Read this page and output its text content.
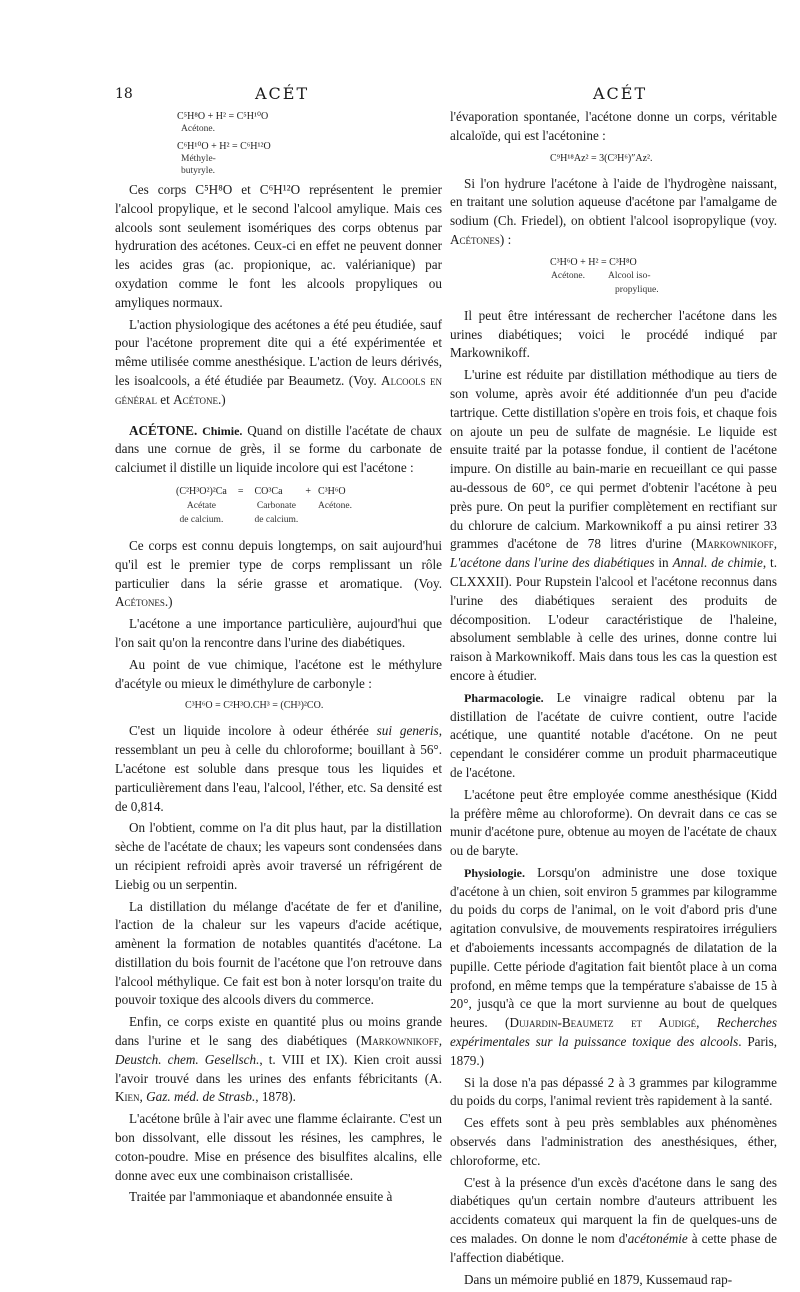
18	ACÉT	ACÉT
C⁵H⁸O + H² = C⁵H¹⁰O
Acétone.
C⁶H¹⁰O + H² = C⁶H¹²O
Méthyle-
butyryle.

Ces corps C⁵H⁸O et C⁶H¹²O représentent le premier l'alcool propylique, et le second l'alcool amylique. Mais ces alcools sont seulement isomériques des corps obtenus par hydruration des acétones. Ceux-ci en effet ne peuvent donner les acides gras (ac. propionique, ac. valérianique) par oxydation comme le font les alcools propyliques ou amyliques normaux.

L'action physiologique des acétones a été peu étudiée, sauf pour l'acétone proprement dite qui a été expérimentée et même utilisée comme anesthésique. L'action de leurs dérivés, les isoalcools, a été étudiée par Beaumetz. (Voy. Alcools en général et Acétone.)

ACÉTONE. Chimie. Quand on distille l'acétate de chaux dans une cornue de grès, il se forme du carbonate de calciumet il distille un liquide incolore qui est l'acétone :

(C²H³O²)²Ca	=	CO³Ca	+	C³H⁶O
Acétate		Carbonate		Acétone.
de calcium.		de calcium.		

Ce corps est connu depuis longtemps, on sait aujourd'hui qu'il est le premier type de corps remplissant un rôle particulier dans la série grasse et aromatique. (Voy. Acétones.)

L'acétone a une importance particulière, aujourd'hui que l'on sait qu'on la rencontre dans l'urine des diabétiques.

Au point de vue chimique, l'acétone est le méthylure d'acétyle ou mieux le diméthylure de carbonyle :

C³H⁶O = C²H³O.CH³ = (CH³)²CO.

C'est un liquide incolore à odeur éthérée sui generis, ressemblant un peu à celle du chloroforme; bouillant à 56°. L'acétone est soluble dans presque tous les liquides et particulièrement dans l'eau, l'alcool, l'éther, etc. Sa densité est de 0,814.

On l'obtient, comme on l'a dit plus haut, par la distillation sèche de l'acétate de chaux; les vapeurs sont condensées dans un récipient refroidi après avoir traversé un réfrigérent de Liebig ou un serpentin.

La distillation du mélange d'acétate de fer et d'aniline, l'action de la chaleur sur les vapeurs d'acide acétique, amènent la formation de notables quantités d'acétone. La distillation du bois fournit de l'acétone que l'on retrouve dans l'alcool méthylique. Ce fait est bon à noter lorsqu'on traite du pouvoir toxique des alcools divers du commerce.

Enfin, ce corps existe en quantité plus ou moins grande dans l'urine et le sang des diabétiques (Markownikoff, Deustch. chem. Gesellsch., t. VIII et IX). Kien croit aussi l'avoir trouvé dans les urines des enfants fébricitants (A. Kien, Gaz. méd. de Strasb., 1878).

L'acétone brûle à l'air avec une flamme éclairante. C'est un bon dissolvant, elle dissout les résines, les camphres, le coton-poudre. Mise en présence des bisulfites alcalins, elle donne avec eux une combinaison cristallisée.

Traitée par l'ammoniaque et abandonnée ensuite à

l'évaporation spontanée, l'acétone donne un corps, véritable alcaloïde, qui est l'acétonine :

C⁹H¹⁸Az² = 3(C³H⁶)″Az².

Si l'on hydrure l'acétone à l'aide de l'hydrogène naissant, en traitant une solution aqueuse d'acétone par l'amalgame de sodium (Ch. Friedel), on obtient l'alcool isopropylique (voy. Acétones) :

C³H⁶O + H² = C³H⁸O
Acétone.	Alcool iso-
	propylique.

Il peut être intéressant de rechercher l'acétone dans les urines diabétiques; voici le procédé indiqué par Markownikoff.

L'urine est réduite par distillation méthodique au tiers de son volume, après avoir été additionnée d'un peu d'acide tartrique. Cette distillation s'opère en trois fois, et chaque fois on ajoute un peu de sulfate de magnésie. Le liquide est ensuite traité par la potasse fondue, il contient de l'acétone impure. On distille au bain-marie en recueillant ce qui passe au-dessous de 60°, ce qui permet d'obtenir l'acétone à peu près pure. On peut la purifier complètement en rectifiant sur du chlorure de calcium. Markownikoff a pu ainsi retirer 33 grammes d'acétone de 78 litres d'urine (Markownikoff, L'acétone dans l'urine des diabétiques in Annal. de chimie, t. CLXXXII). Pour Rupstein l'alcool et l'acétone reconnus dans l'urine des diabétiques seraient des produits de décomposition. L'odeur caractéristique de l'haleine, absolument semblable à celle des urines, donne contre lui raison à Markownikoff. Mais dans tous les cas la question est encore à étudier.

Pharmacologie. Le vinaigre radical obtenu par la distillation de l'acétate de cuivre contient, outre l'acide acétique, une quantité notable d'acétone. On ne peut cependant le considérer comme un produit pharmaceutique de l'acétone.

L'acétone peut être employée comme anesthésique (Kidd la préfère même au chloroforme). On devrait dans ce cas se munir d'acétone pure, obtenue au moyen de l'acétate de chaux ou de baryte.

Physiologie. Lorsqu'on administre une dose toxique d'acétone à un chien, soit environ 5 grammes par kilogramme du poids du corps de l'animal, on le voit d'abord pris d'une agitation convulsive, de mouvements respiratoires irréguliers et d'aboiements incessants accompagnés de dilatation de la pupille. Cette période d'agitation fait bientôt place à un coma profond, en même temps que la température s'abaisse de 15 à 20°, jusqu'à ce que la mort survienne au bout de quelques heures. (Dujardin-Beaumetz et Audigé, Recherches expérimentales sur la puissance toxique des alcools. Paris, 1879.)

Si la dose n'a pas dépassé 2 à 3 grammes par kilogramme du poids du corps, l'animal revient très rapidement à la santé.

Ces effets sont à peu près semblables aux phénomènes observés dans l'administration des anesthésiques, éther, chloroforme, etc.

C'est à la présence d'un excès d'acétone dans le sang des diabétiques qu'un certain nombre d'auteurs attribuent les accidents comateux qui marquent la fin de quelques-uns de ces malades. On donne le nom d'acétonémie à cette phase de l'affection diabétique.

Dans un mémoire publié en 1879, Kussemaud rap-
